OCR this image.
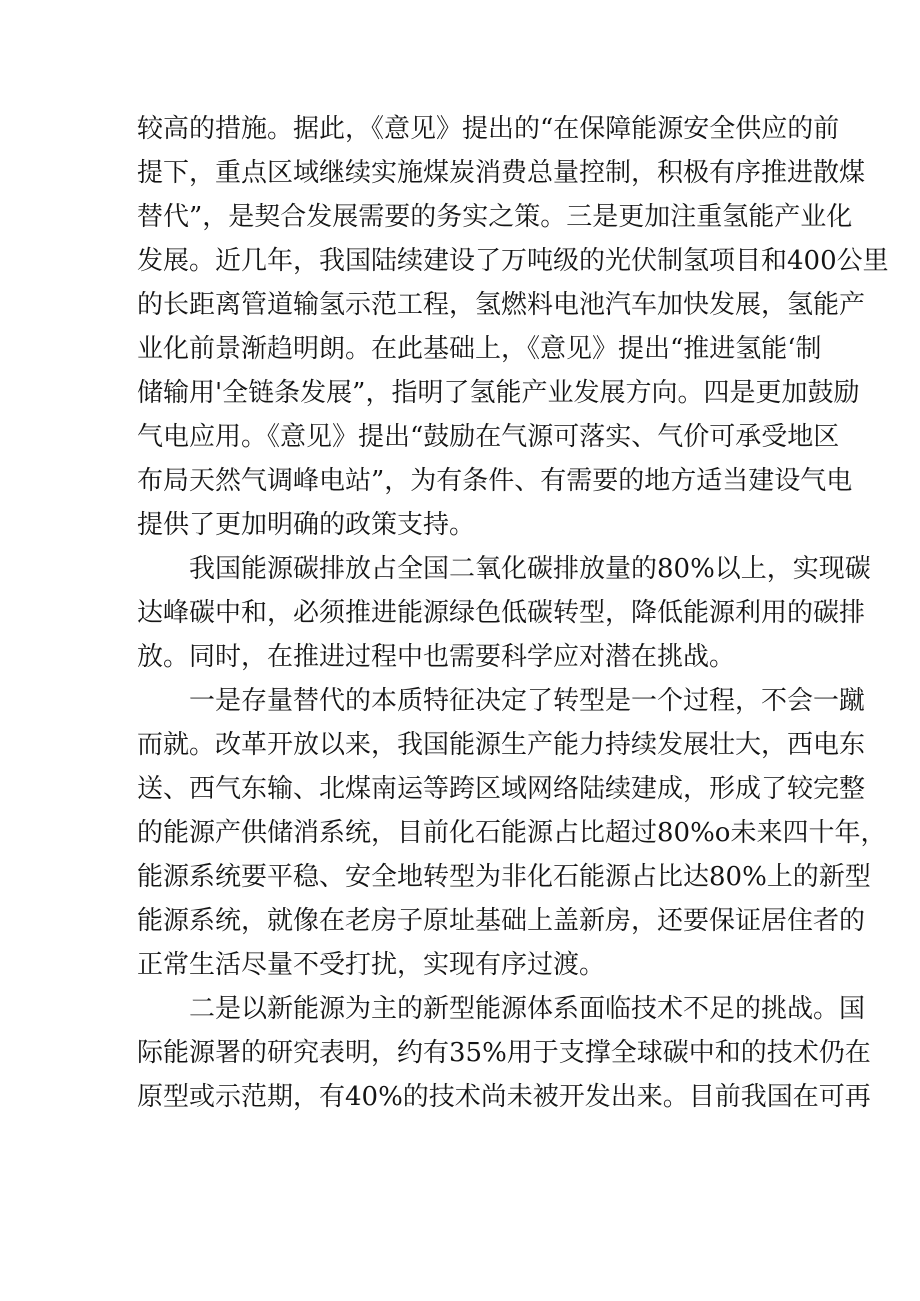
较高的措施。据此，《意见》提出的“在保障能源安全供应的前
提下，重点区域继续实施煤炭消费总量控制，积极有序推进散煤
替代”，是契合发展需要的务实之策。三是更加注重氢能产业化
发展。近几年，我国陆续建设了万吨级的光伏制氢项目和400公里
的长距离管道输氢示范工程，氢燃料电池汽车加快发展，氢能产
业化前景渐趋明朗。在此基础上，《意见》提出“推进氢能‘制
储输用'全链条发展”，指明了氢能产业发展方向。四是更加鼓励
气电应用。《意见》提出“鼓励在气源可落实、气价可承受地区
布局天然气调峰电站”，为有条件、有需要的地方适当建设气电
提供了更加明确的政策支持。
我国能源碳排放占全国二氧化碳排放量的80%以上，实现碳
达峰碳中和，必须推进能源绿色低碳转型，降低能源利用的碳排
放。同时，在推进过程中也需要科学应对潜在挑战。
一是存量替代的本质特征决定了转型是一个过程，不会一蹴
而就。改革开放以来，我国能源生产能力持续发展壮大，西电东
送、西气东输、北煤南运等跨区域网络陆续建成，形成了较完整
的能源产供储消系统，目前化石能源占比超过80%o未来四十年，
能源系统要平稳、安全地转型为非化石能源占比达80%上的新型
能源系统，就像在老房子原址基础上盖新房，还要保证居住者的
正常生活尽量不受打扰，实现有序过渡。
二是以新能源为主的新型能源体系面临技术不足的挑战。国
际能源署的研究表明，约有35%用于支撑全球碳中和的技术仍在
原型或示范期，有40%的技术尚未被开发出来。目前我国在可再
